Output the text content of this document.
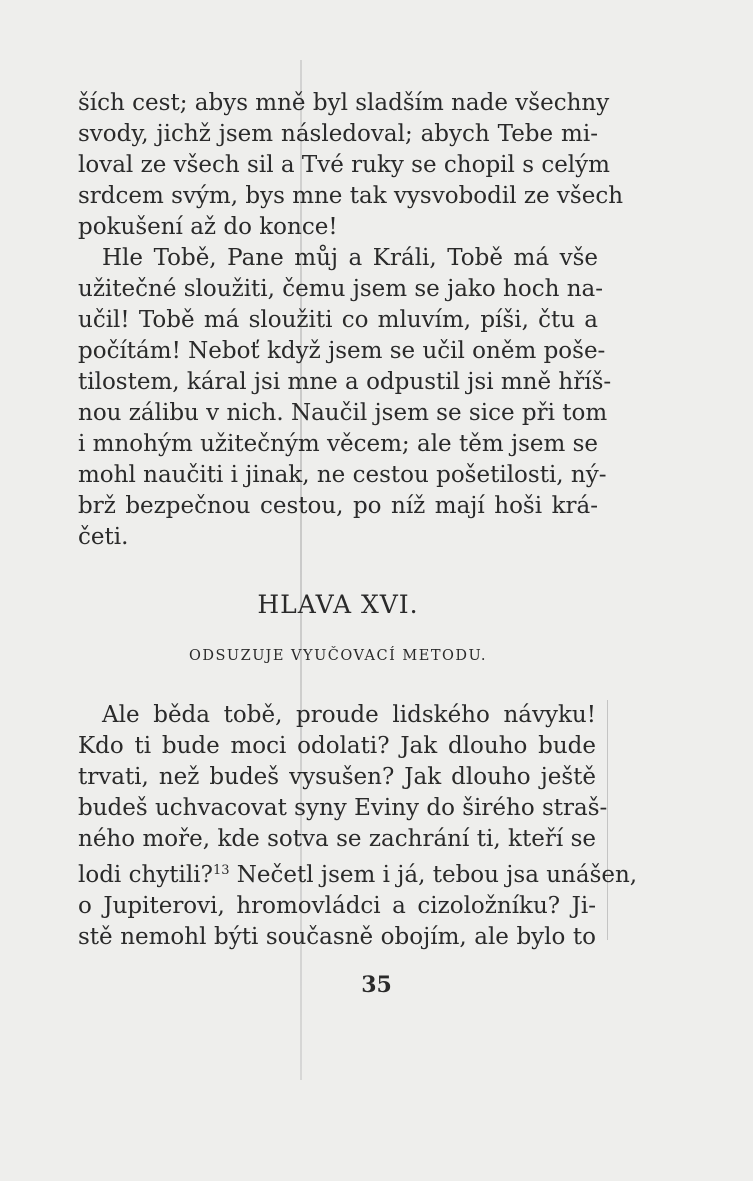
ších cest; abys mně byl sladším nade všechny
svody, jichž jsem následoval; abych Tebe mi-
loval ze všech sil a Tvé ruky se chopil s celým
srdcem svým, bys mne tak vysvobodil ze všech
pokušení až do konce!
Hle Tobě, Pane můj a Králi, Tobě má vše
užitečné sloužiti, čemu jsem se jako hoch na-
učil! Tobě má sloužiti co mluvím, píši, čtu a
počítám! Neboť když jsem se učil oněm poše-
tilostem, káral jsi mne a odpustil jsi mně hříš-
nou zálibu v nich. Naučil jsem se sice při tom
i mnohým užitečným věcem; ale těm jsem se
mohl naučiti i jinak, ne cestou pošetilosti, ný-
brž bezpečnou cestou, po níž mají hoši krá-
četi.
HLAVA XVI.
ODSUZUJE VYUČOVACÍ METODU.
Ale běda tobě, proude lidského návyku!
Kdo ti bude moci odolati? Jak dlouho bude
trvati, než budeš vysušen? Jak dlouho ještě
budeš uchvacovat syny Eviny do širého straš-
ného moře, kde sotva se zachrání ti, kteří se
lodi chytili?$^{13}$ Nečetl jsem i já, tebou jsa unášen,
o Jupiterovi, hromovládci a cizoložníku? Ji-
stě nemohl býti současně obojím, ale bylo to
35
